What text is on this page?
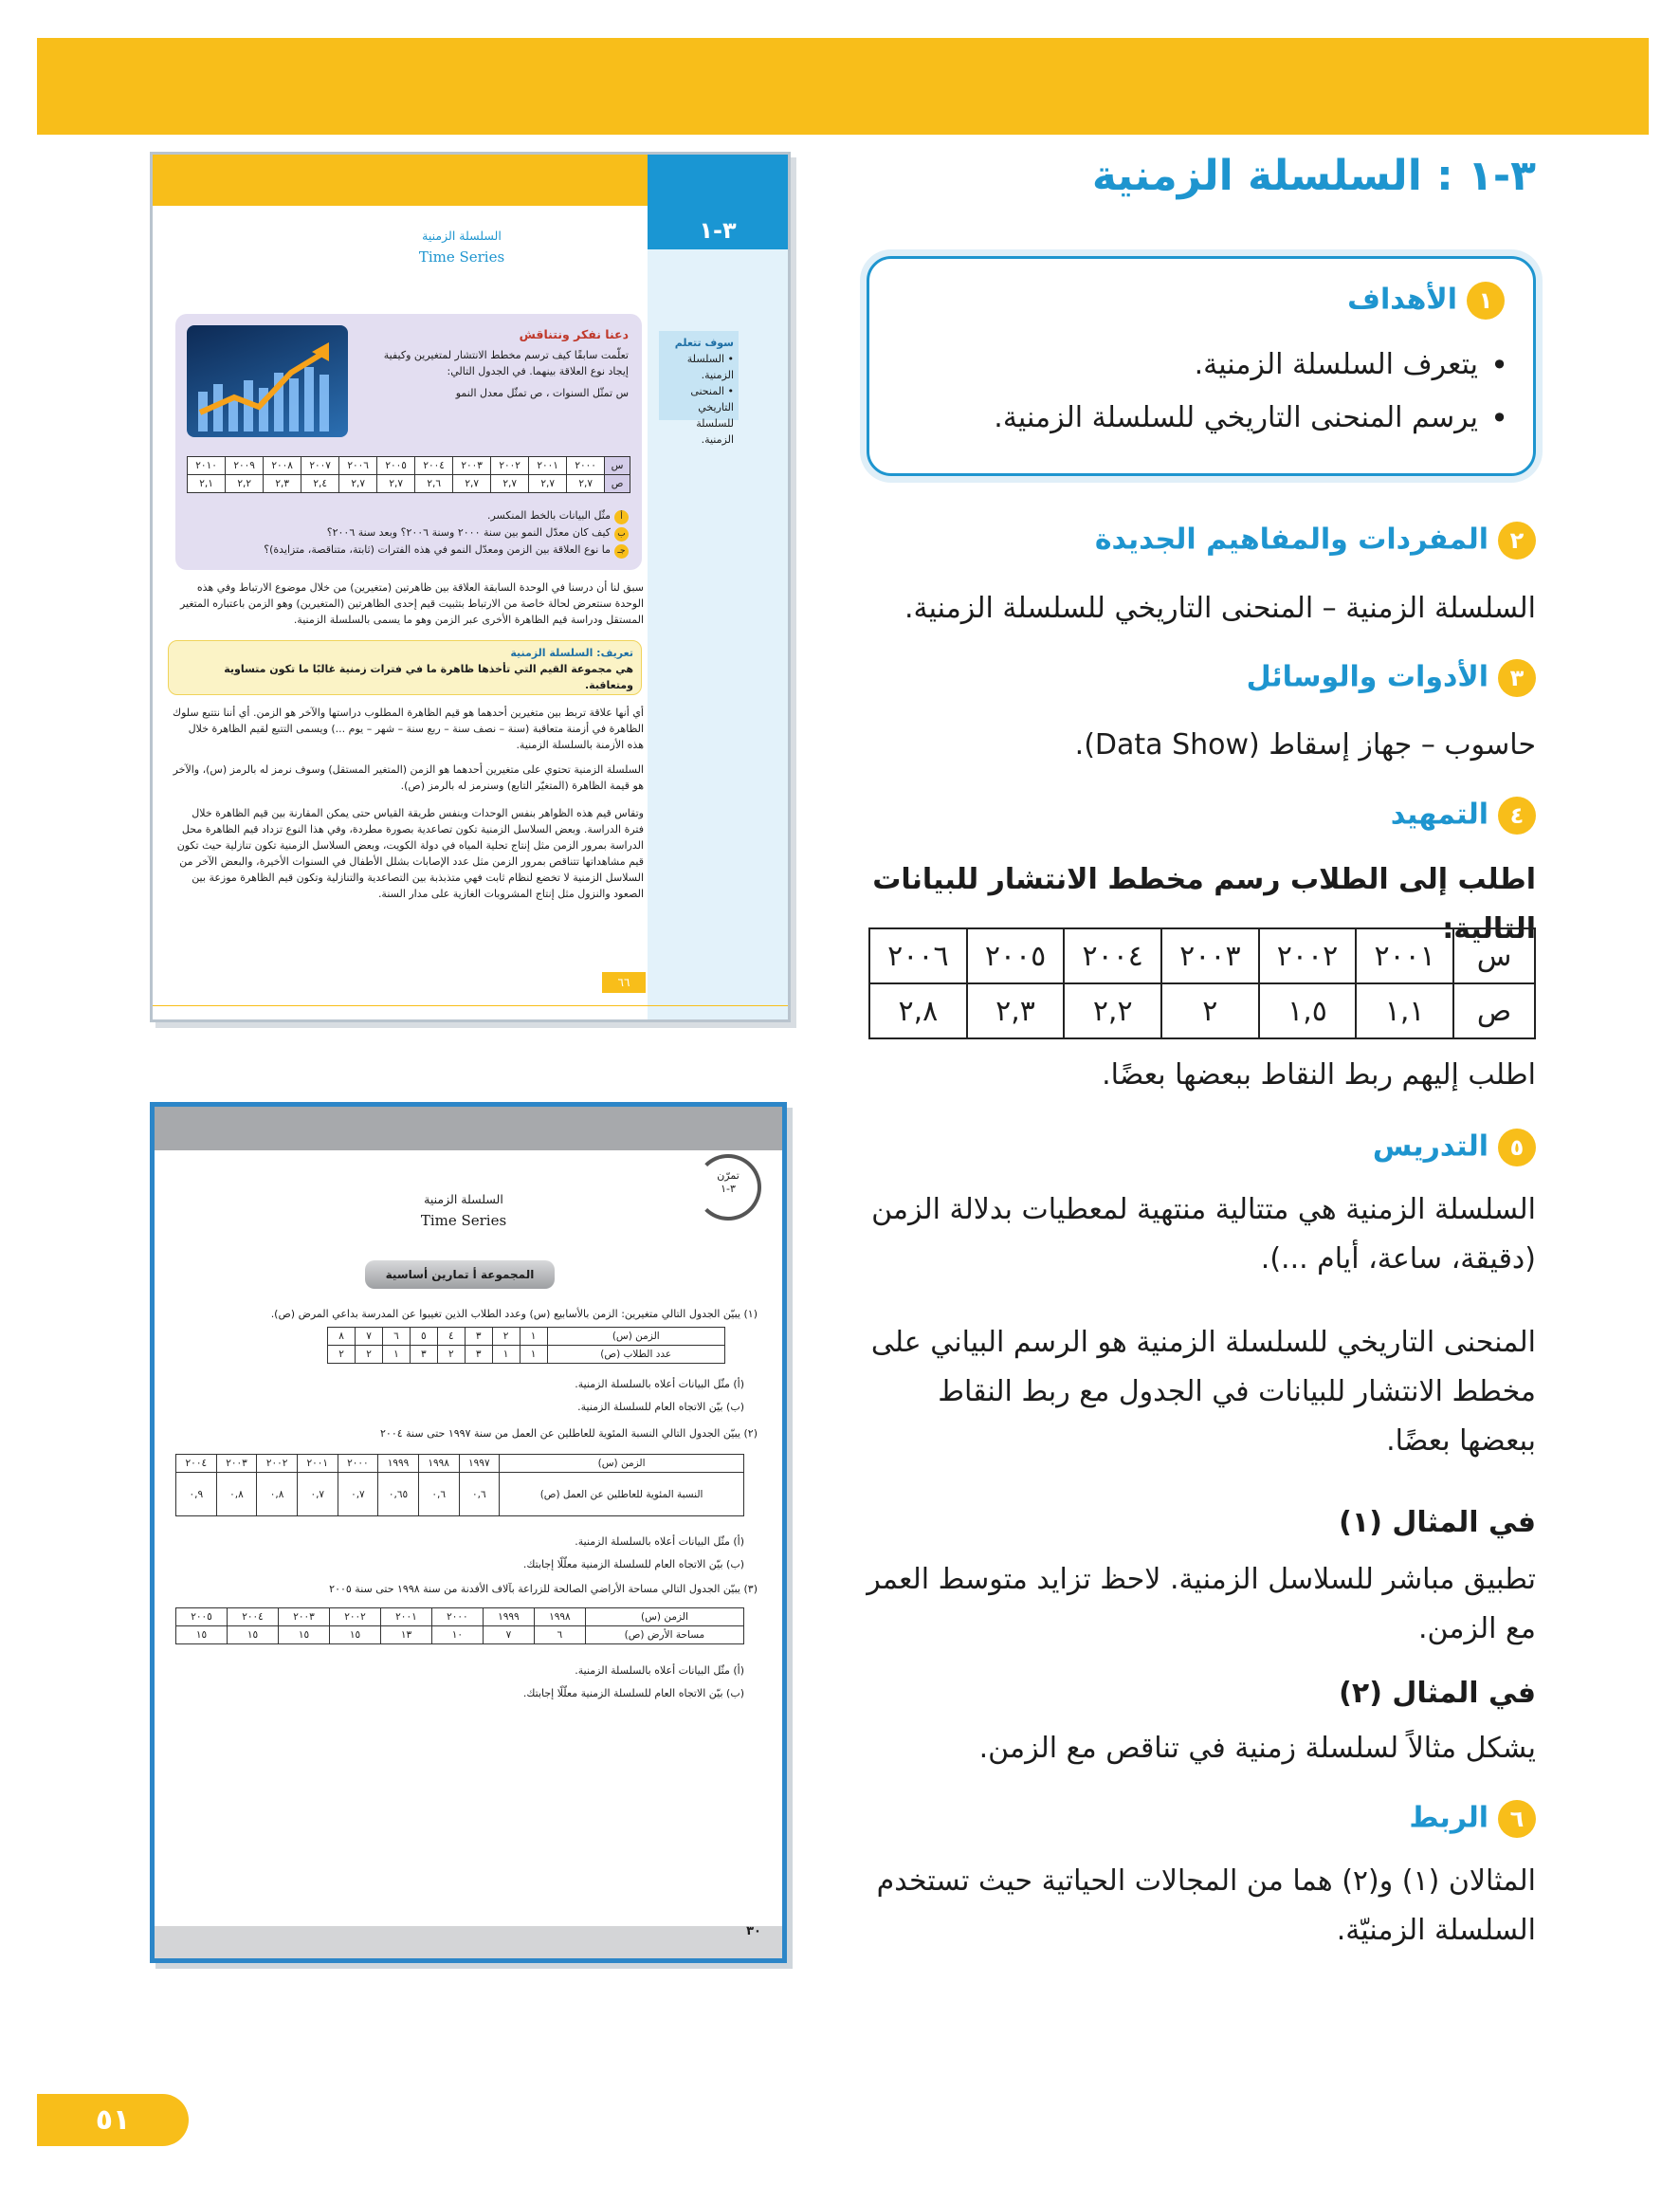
٣-١ : السلسلة الزمنية
١الأهداف
• يتعرف السلسلة الزمنية.
• يرسم المنحنى التاريخي للسلسلة الزمنية.
٢المفردات والمفاهيم الجديدة
السلسلة الزمنية – المنحنى التاريخي للسلسلة الزمنية.
٣الأدوات والوسائل
حاسوب – جهاز إسقاط (Data Show).
٤التمهيد
اطلب إلى الطلاب رسم مخطط الانتشار للبيانات التالية:
س	٢٠٠١	٢٠٠٢	٢٠٠٣	٢٠٠٤	٢٠٠٥	٢٠٠٦
ص	١,١	١,٥	٢	٢,٢	٢,٣	٢,٨
اطلب إليهم ربط النقاط ببعضها بعضًا.
٥التدريس
السلسلة الزمنية هي متتالية منتهية لمعطيات بدلالة الزمن (دقيقة، ساعة، أيام ...).
المنحنى التاريخي للسلسلة الزمنية هو الرسم البياني على مخطط الانتشار للبيانات في الجدول مع ربط النقاط ببعضها بعضًا.
في المثال (١)
تطبيق مباشر للسلاسل الزمنية. لاحظ تزايد متوسط العمر مع الزمن.
في المثال (٢)
يشكل مثالاً لسلسلة زمنية في تناقص مع الزمن.
٦الربط
المثالان (١) و(٢) هما من المجالات الحياتية حيث تستخدم السلسلة الزمنيّة.
٣-١
السلسلة الزمنية
Time Series
سوف تتعلم
• السلسلة الزمنية.
• المنحنى التاريخي للسلسلة الزمنية.
دعنا نفكر ونتناقش
تعلّمت سابقًا كيف ترسم مخطط الانتشار لمتغيرين وكيفية إيجاد نوع العلاقة بينهما. في الجدول التالي:
س تمثّل السنوات ، ص تمثّل معدل النمو
س	٢٠٠٠	٢٠٠١	٢٠٠٢	٢٠٠٣	٢٠٠٤	٢٠٠٥	٢٠٠٦	٢٠٠٧	٢٠٠٨	٢٠٠٩	٢٠١٠
ص	٢,٧	٢,٧	٢,٧	٢,٧	٢,٦	٢,٧	٢,٧	٢,٤	٢,٣	٢,٢	٢,١
أمثّل البيانات بالخط المنكسر.
بكيف كان معدّل النمو بين سنة ٢٠٠٠ وسنة ٢٠٠٦؟ وبعد سنة ٢٠٠٦؟
جـما نوع العلاقة بين الزمن ومعدّل النمو في هذه الفترات (ثابتة، متناقصة، متزايدة)؟
سبق لنا أن درسنا في الوحدة السابقة العلاقة بين ظاهرتين (متغيرين) من خلال موضوع الارتباط وفي هذه الوحدة سنتعرض لحالة خاصة من الارتباط بتثبيت قيم إحدى الظاهرتين (المتغيرين) وهو الزمن باعتباره المتغير المستقل ودراسة قيم الظاهرة الأخرى عبر الزمن وهو ما يسمى بالسلسلة الزمنية.
تعريف: السلسلة الزمنية
هي مجموعة القيم التي تأخذها ظاهرة ما في فترات زمنية غالبًا ما تكون متساوية ومتعاقبة.
أي أنها علاقة تربط بين متغيرين أحدهما هو قيم الظاهرة المطلوب دراستها والآخر هو الزمن. أي أننا نتتبع سلوك الظاهرة في أزمنة متعاقبة (سنة – نصف سنة – ربع سنة – شهر – يوم ...) ويسمى التتبع لقيم الظاهرة خلال هذه الأزمنة بالسلسلة الزمنية.
السلسلة الزمنية تحتوي على متغيرين أحدهما هو الزمن (المتغير المستقل) وسوف نرمز له بالرمز (س)، والآخر هو قيمة الظاهرة (المتغيّر التابع) وسنرمز له بالرمز (ص).
وتقاس قيم هذه الظواهر بنفس الوحدات وبنفس طريقة القياس حتى يمكن المقارنة بين قيم الظاهرة خلال فترة الدراسة. وبعض السلاسل الزمنية تكون تصاعدية بصورة مطردة، وفي هذا النوع تزداد قيم الظاهرة محل الدراسة بمرور الزمن مثل إنتاج تحلية المياه في دولة الكويت، وبعض السلاسل الزمنية تكون تنازلية حيث تكون قيم مشاهداتها تتناقص بمرور الزمن مثل عدد الإصابات بشلل الأطفال في السنوات الأخيرة، والبعض الآخر من السلاسل الزمنية لا تخضع لنظام ثابت فهي متذبذبة بين التصاعدية والتنازلية وتكون قيم الظاهرة موزعة بين الصعود والنزول مثل إنتاج المشروبات الغازية على مدار السنة.
٦٦
تمرّن
٣-١
السلسلة الزمنية
Time Series
المجموعة أ تمارين أساسية
(١) يبيّن الجدول التالي متغيرين: الزمن بالأسابيع (س) وعدد الطلاب الذين تغيبوا عن المدرسة بداعي المرض (ص).
الزمن (س)	١	٢	٣	٤	٥	٦	٧	٨
عدد الطلاب (ص)	١	١	٣	٢	٣	١	٢	٢
(أ) مثّل البيانات أعلاه بالسلسلة الزمنية.
(ب) بيّن الاتجاه العام للسلسلة الزمنية.
(٢) يبيّن الجدول التالي النسبة المئوية للعاطلين عن العمل من سنة ١٩٩٧ حتى سنة ٢٠٠٤
الزمن (س)	١٩٩٧	١٩٩٨	١٩٩٩	٢٠٠٠	٢٠٠١	٢٠٠٢	٢٠٠٣	٢٠٠٤
النسبة المئوية للعاطلين عن العمل (ص)	٠,٦	٠,٦	٠,٦٥	٠,٧	٠,٧	٠,٨	٠,٨	٠,٩
(أ) مثّل البيانات أعلاه بالسلسلة الزمنية.
(ب) بيّن الاتجاه العام للسلسلة الزمنية معلّلًا إجابتك.
(٣) يبيّن الجدول التالي مساحة الأراضي الصالحة للزراعة بآلاف الأفدنة من سنة ١٩٩٨ حتى سنة ٢٠٠٥
الزمن (س)	١٩٩٨	١٩٩٩	٢٠٠٠	٢٠٠١	٢٠٠٢	٢٠٠٣	٢٠٠٤	٢٠٠٥
مساحة الأرض (ص)	٦	٧	١٠	١٣	١٥	١٥	١٥	١٥
(أ) مثّل البيانات أعلاه بالسلسلة الزمنية.
(ب) بيّن الاتجاه العام للسلسلة الزمنية معلّلًا إجابتك.
٣٠
٥١
